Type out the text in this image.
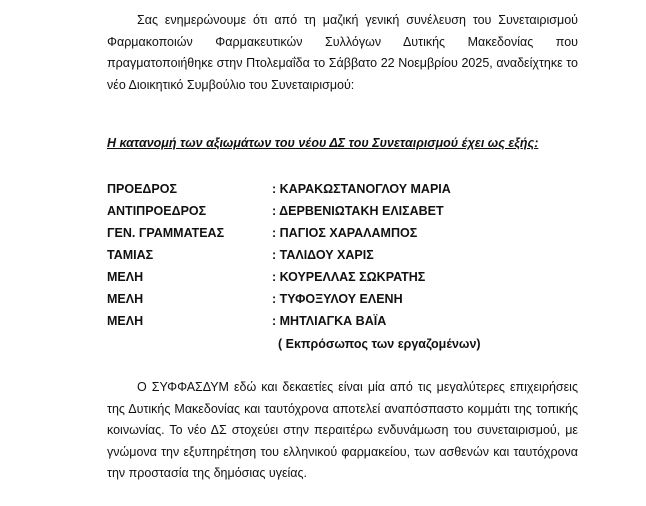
Σας ενημερώνουμε ότι από τη μαζική γενική συνέλευση του Συνεταιρισμού Φαρμακοποιών Φαρμακευτικών Συλλόγων Δυτικής Μακεδονίας που πραγματοποιήθηκε στην Πτολεμαΐδα το Σάββατο 22 Νοεμβρίου 2025, αναδείχτηκε το νέο Διοικητικό Συμβούλιο του Συνεταιρισμού:

Η κατανομή των αξιωμάτων του νέου ΔΣ του Συνεταιρισμού έχει ως εξής:

ΠΡΟΕΔΡΟΣ	: ΚΑΡΑΚΩΣΤΑΝΟΓΛΟΥ ΜΑΡΙΑ
ΑΝΤΙΠΡΟΕΔΡΟΣ	: ΔΕΡΒΕΝΙΩΤΑΚΗ ΕΛΙΣΑΒΕΤ
ΓΕΝ. ΓΡΑΜΜΑΤΕΑΣ	: ΠΑΓΙΟΣ ΧΑΡΑΛΑΜΠΟΣ
ΤΑΜΙΑΣ	: ΤΑΛΙΔΟΥ ΧΑΡΙΣ
ΜΕΛΗ	: ΚΟΥΡΕΛΛΑΣ ΣΩΚΡΑΤΗΣ
ΜΕΛΗ	: ΤΥΦΟΞΥΛΟΥ ΕΛΕΝΗ
ΜΕΛΗ	: ΜΗΤΛΙΑΓΚΑ ΒΑΪΑ

( Εκπρόσωπος των εργαζομένων)

Ο ΣΥΦΦΑΣΔΥΜ εδώ και δεκαετίες είναι μία από τις μεγαλύτερες επιχειρήσεις της Δυτικής Μακεδονίας και ταυτόχρονα αποτελεί αναπόσπαστο κομμάτι της τοπικής κοινωνίας. Το νέο ΔΣ στοχεύει στην περαιτέρω ενδυνάμωση του συνεταιρισμού, με γνώμονα την εξυπηρέτηση του ελληνικού φαρμακείου, των ασθενών και ταυτόχρονα την προστασία της δημόσιας υγείας.
